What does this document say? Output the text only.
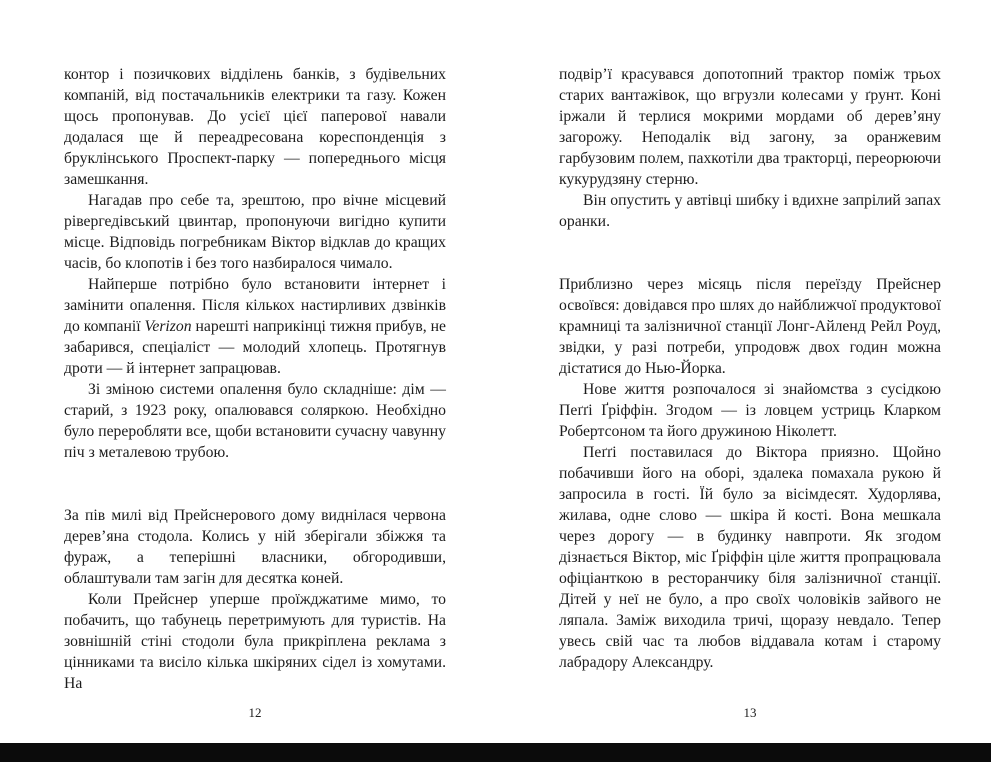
контор і позичкових відділень банків, з будівельних компаній, від постачальників електрики та газу. Кожен щось пропонував. До усієї цієї паперової навали додалася ще й переадресована кореспонденція з бруклінського Проспект-парку — попереднього місця замешкання.

Нагадав про себе та, зрештою, про вічне місцевий рівергедівський цвинтар, пропонуючи вигідно купити місце. Відповідь погребникам Віктор відклав до кращих часів, бо клопотів і без того назбиралося чимало.

Найперше потрібно було встановити інтернет і замінити опалення. Після кількох настирливих дзвінків до компанії Verizon нарешті наприкінці тижня прибув, не забарився, спеціаліст — молодий хлопець. Протягнув дроти — й інтернет запрацював.

Зі зміною системи опалення було складніше: дім — старий, з 1923 року, опалювався соляркою. Необхідно було переробляти все, щоби встановити сучасну чавунну піч з металевою трубою.

За пів милі від Прейснерового дому виднілася червона дерев’яна стодола. Колись у ній зберігали збіжжя та фураж, а теперішні власники, обгородивши, облаштували там загін для десятка коней.

Коли Прейснер уперше проїжджатиме мимо, то побачить, що табунець перетримують для туристів. На зовнішній стіні стодоли була прикріплена реклама з цінниками та висіло кілька шкіряних сідел із хомутами. На

12

подвір’ї красувався допотопний трактор поміж трьох старих вантажівок, що вгрузли колесами у ґрунт. Коні іржали й терлися мокрими мордами об дерев’яну загорожу. Неподалік від загону, за оранжевим гарбузовим полем, пахкотіли два тракторці, переорюючи кукурудзяну стерню.

Він опустить у автівці шибку і вдихне запрілий запах оранки.

Приблизно через місяць після переїзду Прейснер освоївся: довідався про шлях до найближчої продуктової крамниці та залізничної станції Лонг-Айленд Рейл Роуд, звідки, у разі потреби, упродовж двох годин можна дістатися до Нью-Йорка.

Нове життя розпочалося зі знайомства з сусідкою Пеґґі Ґріффін. Згодом — із ловцем устриць Кларком Робертсоном та його дружиною Ніколетт.

Пеґґі поставилася до Віктора приязно. Щойно побачивши його на оборі, здалека помахала рукою й запросила в гості. Їй було за вісімдесят. Худорлява, жилава, одне слово — шкіра й кості. Вона мешкала через дорогу — в будинку навпроти. Як згодом дізнається Віктор, міс Ґріффін ціле життя пропрацювала офіціанткою в ресторанчику біля залізничної станції. Дітей у неї не було, а про своїх чоловіків зайвого не ляпала. Заміж виходила тричі, щоразу невдало. Тепер увесь свій час та любов віддавала котам і старому лабрадору Александру.

13
